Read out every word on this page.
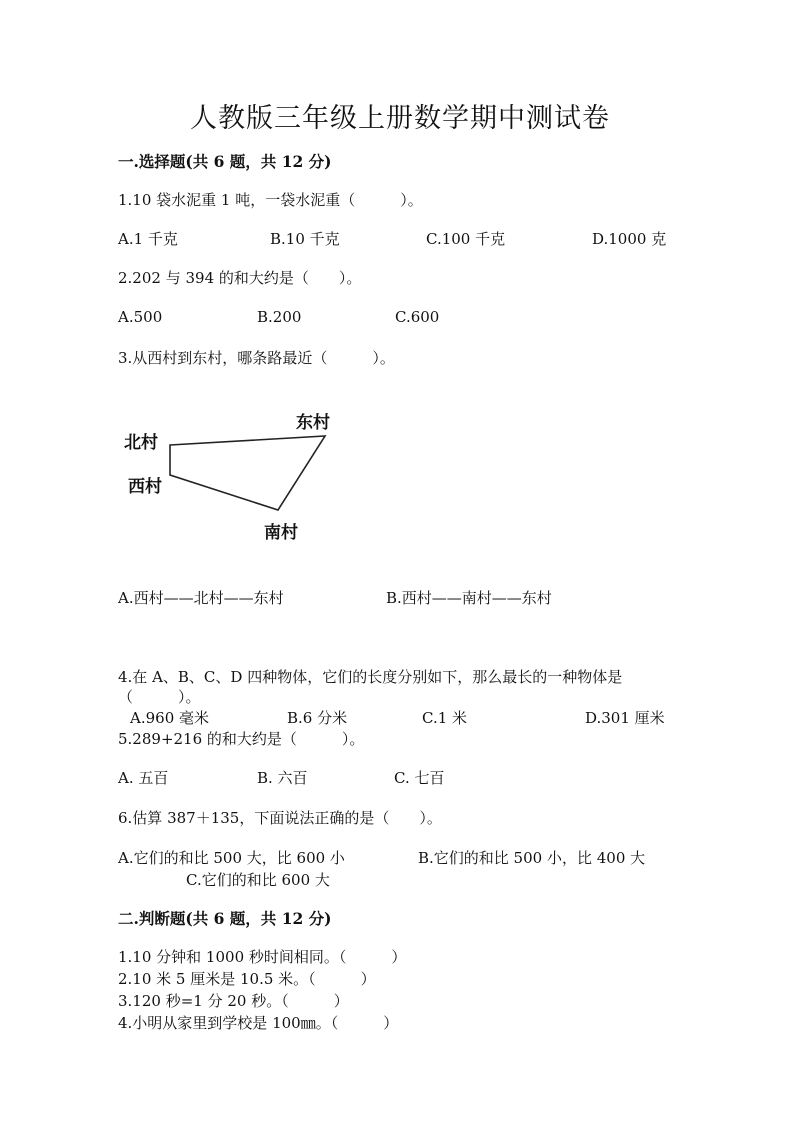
人教版三年级上册数学期中测试卷
一.选择题(共 6 题，共 12 分)
1.10 袋水泥重 1 吨，一袋水泥重（　　　）。
A.1 千克	B.10 千克	C.100 千克	D.1000 克
2.202 与 394 的和大约是（　　）。
A.500	B.200	C.600
3.从西村到东村，哪条路最近（　　　）。
北村
东村
西村
南村
A.西村——北村——东村	B.西村——南村——东村
4.在 A、B、C、D 四种物体，它们的长度分别如下，那么最长的一种物体是
（　　　）。
A.960 毫米	B.6 分米	C.1 米	D.301 厘米
5.289+216 的和大约是（　　　）。
A. 五百	B. 六百	C. 七百
6.估算 387＋135，下面说法正确的是（　　）。
A.它们的和比 500 大，比 600 小	B.它们的和比 500 小，比 400 大
C.它们的和比 600 大
二.判断题(共 6 题，共 12 分)
1.10 分钟和 1000 秒时间相同。（　　　）
2.10 米 5 厘米是 10.5 米。（　　　）
3.120 秒=1 分 20 秒。（　　　）
4.小明从家里到学校是 100㎜。（　　　）
